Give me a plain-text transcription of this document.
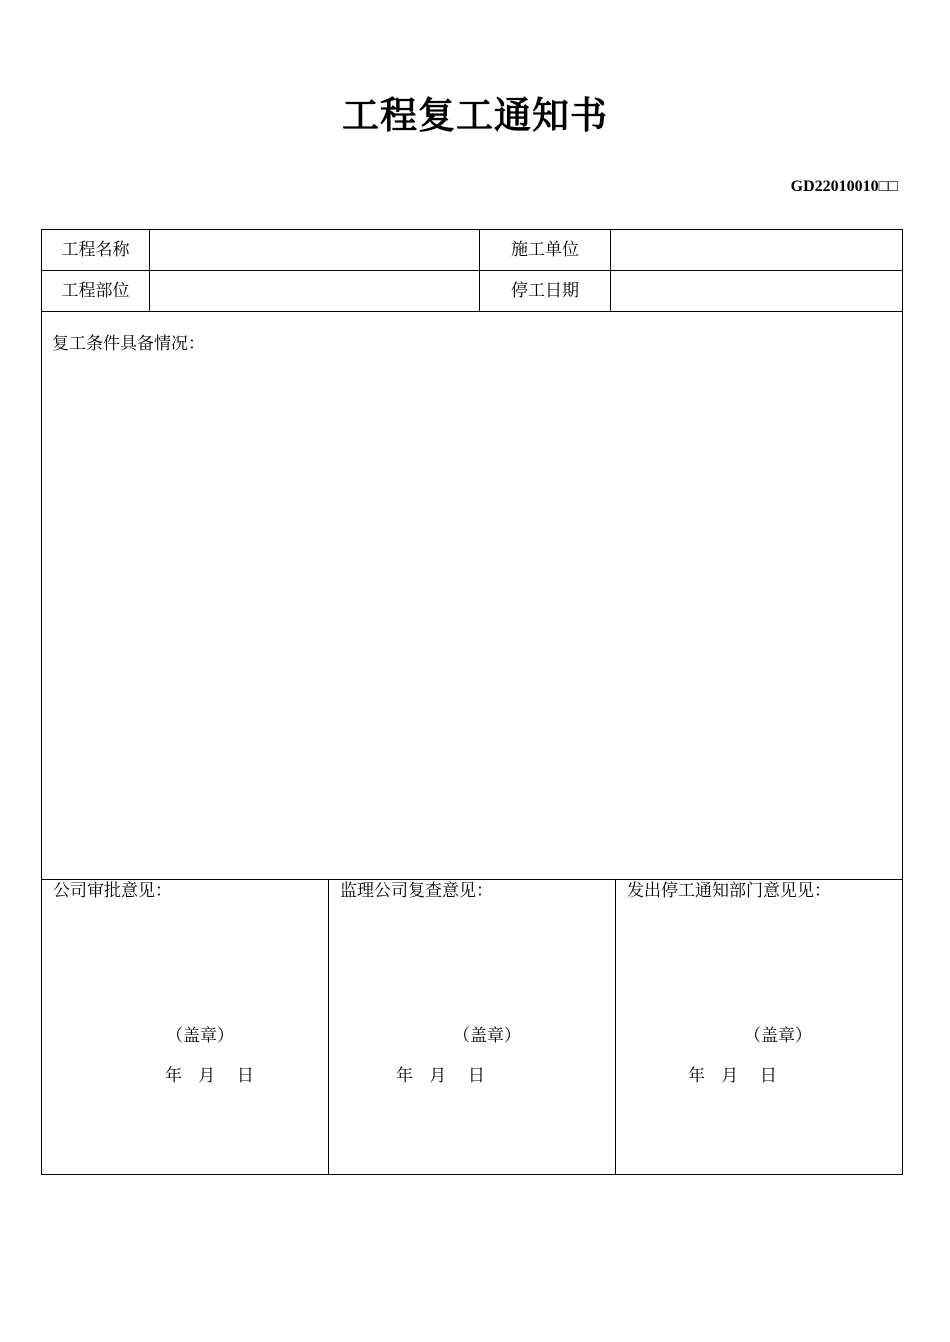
工程复工通知书
GD22010010□□
工程名称	施工单位
工程部位	停工日期
复工条件具备情况：
公司审批意见：
（盖章）
年   月    日
监理公司复查意见：
（盖章）
年   月    日
发出停工通知部门意见见：
（盖章）
年   月    日
